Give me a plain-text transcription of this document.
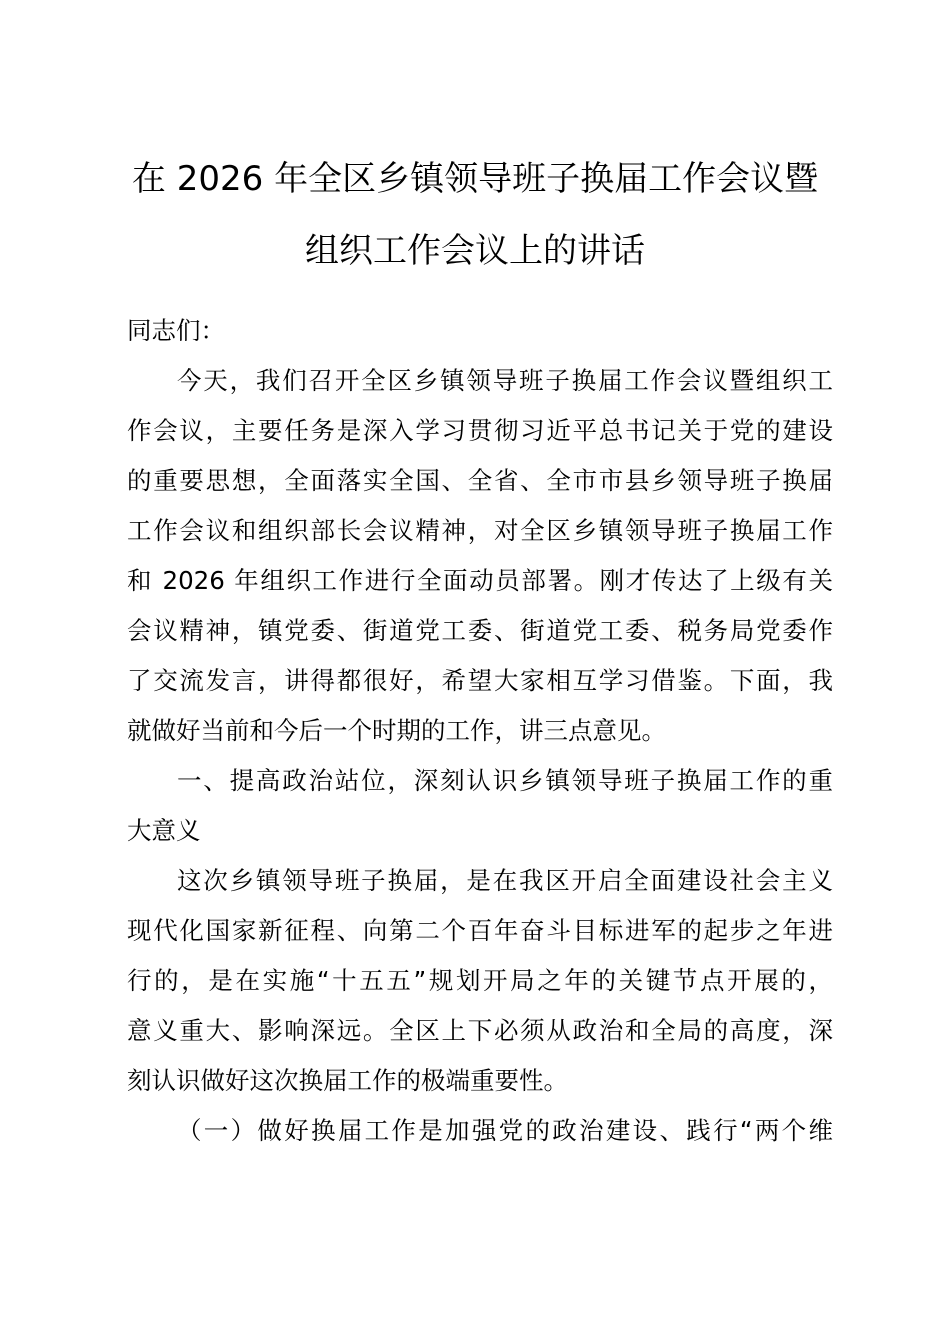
在 2026 年全区乡镇领导班子换届工作会议暨
组织工作会议上的讲话
同志们：
今天，我们召开全区乡镇领导班子换届工作会议暨组织工
作会议，主要任务是深入学习贯彻习近平总书记关于党的建设
的重要思想，全面落实全国、全省、全市市县乡领导班子换届
工作会议和组织部长会议精神，对全区乡镇领导班子换届工作
和 2026 年组织工作进行全面动员部署。刚才传达了上级有关
会议精神，镇党委、街道党工委、街道党工委、税务局党委作
了交流发言，讲得都很好，希望大家相互学习借鉴。下面，我
就做好当前和今后一个时期的工作，讲三点意见。
一、提高政治站位，深刻认识乡镇领导班子换届工作的重
大意义
这次乡镇领导班子换届，是在我区开启全面建设社会主义
现代化国家新征程、向第二个百年奋斗目标进军的起步之年进
行的，是在实施“十五五”规划开局之年的关键节点开展的，
意义重大、影响深远。全区上下必须从政治和全局的高度，深
刻认识做好这次换届工作的极端重要性。
（一）做好换届工作是加强党的政治建设、践行“两个维
